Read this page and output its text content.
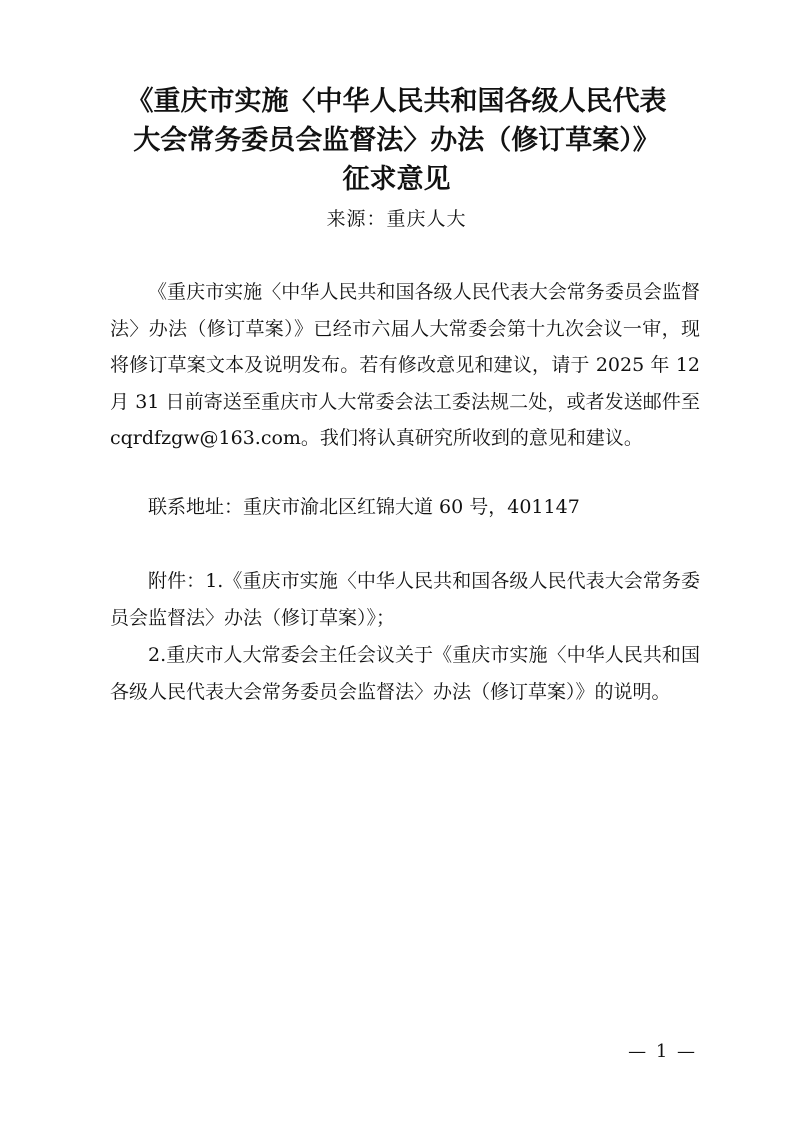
《重庆市实施〈中华人民共和国各级人民代表
大会常务委员会监督法〉办法（修订草案）》
征求意见
来源：重庆人大

《重庆市实施〈中华人民共和国各级人民代表大会常务委员会监督法〉办法（修订草案）》已经市六届人大常委会第十九次会议一审，现将修订草案文本及说明发布。若有修改意见和建议，请于 2025 年 12 月 31 日前寄送至重庆市人大常委会法工委法规二处，或者发送邮件至 cqrdfzgw@163.com。我们将认真研究所收到的意见和建议。

联系地址：重庆市渝北区红锦大道 60 号，401147

附件：1.《重庆市实施〈中华人民共和国各级人民代表大会常务委员会监督法〉办法（修订草案）》；

2.重庆市人大常委会主任会议关于《重庆市实施〈中华人民共和国各级人民代表大会常务委员会监督法〉办法（修订草案）》的说明。

— 1 —
